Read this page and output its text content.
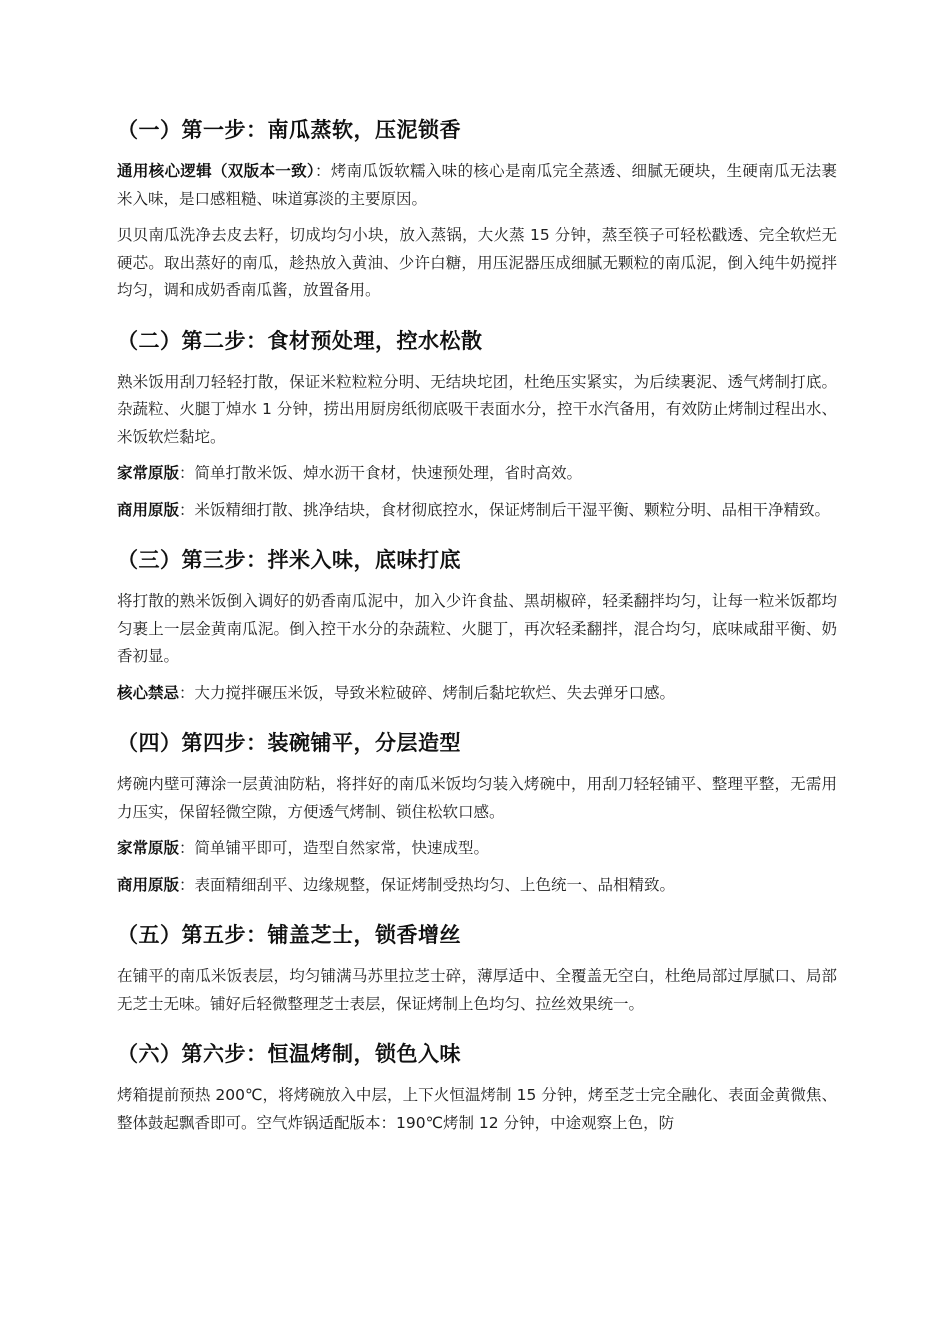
（一）第一步：南瓜蒸软，压泥锁香

通用核心逻辑（双版本一致）：烤南瓜饭软糯入味的核心是南瓜完全蒸透、细腻无硬块，生硬南瓜无法裹米入味，是口感粗糙、味道寡淡的主要原因。

贝贝南瓜洗净去皮去籽，切成均匀小块，放入蒸锅，大火蒸 15 分钟，蒸至筷子可轻松戳透、完全软烂无硬芯。取出蒸好的南瓜，趁热放入黄油、少许白糖，用压泥器压成细腻无颗粒的南瓜泥，倒入纯牛奶搅拌均匀，调和成奶香南瓜酱，放置备用。

（二）第二步：食材预处理，控水松散

熟米饭用刮刀轻轻打散，保证米粒粒粒分明、无结块坨团，杜绝压实紧实，为后续裹泥、透气烤制打底。杂蔬粒、火腿丁焯水 1 分钟，捞出用厨房纸彻底吸干表面水分，控干水汽备用，有效防止烤制过程出水、米饭软烂黏坨。

家常原版：简单打散米饭、焯水沥干食材，快速预处理，省时高效。

商用原版：米饭精细打散、挑净结块，食材彻底控水，保证烤制后干湿平衡、颗粒分明、品相干净精致。

（三）第三步：拌米入味，底味打底

将打散的熟米饭倒入调好的奶香南瓜泥中，加入少许食盐、黑胡椒碎，轻柔翻拌均匀，让每一粒米饭都均匀裹上一层金黄南瓜泥。倒入控干水分的杂蔬粒、火腿丁，再次轻柔翻拌，混合均匀，底味咸甜平衡、奶香初显。

核心禁忌：大力搅拌碾压米饭，导致米粒破碎、烤制后黏坨软烂、失去弹牙口感。

（四）第四步：装碗铺平，分层造型

烤碗内壁可薄涂一层黄油防粘，将拌好的南瓜米饭均匀装入烤碗中，用刮刀轻轻铺平、整理平整，无需用力压实，保留轻微空隙，方便透气烤制、锁住松软口感。

家常原版：简单铺平即可，造型自然家常，快速成型。

商用原版：表面精细刮平、边缘规整，保证烤制受热均匀、上色统一、品相精致。

（五）第五步：铺盖芝士，锁香增丝

在铺平的南瓜米饭表层，均匀铺满马苏里拉芝士碎，薄厚适中、全覆盖无空白，杜绝局部过厚腻口、局部无芝士无味。铺好后轻微整理芝士表层，保证烤制上色均匀、拉丝效果统一。

（六）第六步：恒温烤制，锁色入味

烤箱提前预热 200℃，将烤碗放入中层，上下火恒温烤制 15 分钟，烤至芝士完全融化、表面金黄微焦、整体鼓起飘香即可。空气炸锅适配版本：190℃烤制 12 分钟，中途观察上色，防
